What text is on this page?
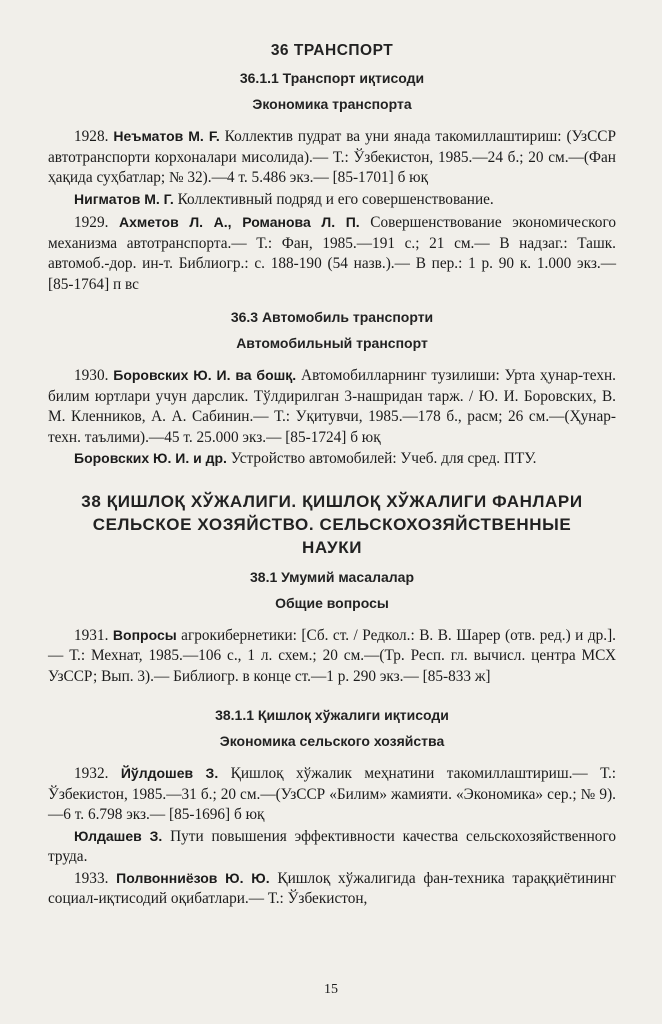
36 ТРАНСПОРТ
36.1.1 Транспорт иқтисоди
Экономика транспорта

1928. Неъматов М. F. Коллектив пудрат ва уни янада такомиллаштириш: (УзССР автотранспорти корхоналари мисолида).— Т.: Ўзбекистон, 1985.—24 б.; 20 см.—(Фан ҳақида суҳбатлар; № 32).—4 т. 5.486 экз.— [85-1701] б юқ

Нигматов М. Г. Коллективный подряд и его совершенствование.

1929. Ахметов Л. А., Романова Л. П. Совершенствование экономического механизма автотранспорта.— Т.: Фан, 1985.—191 с.; 21 см.— В надзаг.: Ташк. автомоб.-дор. ин-т. Библиогр.: с. 188-190 (54 назв.).— В пер.: 1 р. 90 к. 1.000 экз.— [85-1764] п вс

36.3 Автомобиль транспорти
Автомобильный транспорт

1930. Боровских Ю. И. ва бошқ. Автомобилларнинг тузилиши: Урта ҳунар-техн. билим юртлари учун дарслик. Тўлдирилган 3-нашридан тарж. / Ю. И. Боровских, В. М. Кленников, А. А. Сабинин.— Т.: Уқитувчи, 1985.—178 б., расм; 26 см.—(Ҳунар-техн. таълими).—45 т. 25.000 экз.— [85-1724] б юқ

Боровских Ю. И. и др. Устройство автомобилей: Учеб. для сред. ПТУ.

38 ҚИШЛОҚ ХЎЖАЛИГИ. ҚИШЛОҚ ХЎЖАЛИГИ ФАНЛАРИ
СЕЛЬСКОЕ ХОЗЯЙСТВО. СЕЛЬСКОХОЗЯЙСТВЕННЫЕ
НАУКИ
38.1 Умумий масалалар
Общие вопросы

1931. Вопросы агрокибернетики: [Сб. ст. / Редкол.: В. В. Шарер (отв. ред.) и др.].— Т.: Мехнат, 1985.—106 с., 1 л. схем.; 20 см.—(Тр. Респ. гл. вычисл. центра МСХ УзССР; Вып. 3).— Библиогр. в конце ст.—1 р. 290 экз.— [85-833 ж]

38.1.1 Қишлоқ хўжалиги иқтисоди
Экономика сельского хозяйства

1932. Йўлдошев З. Қишлоқ хўжалик меҳнатини такомиллаштириш.— Т.: Ўзбекистон, 1985.—31 б.; 20 см.—(УзССР «Билим» жамияти. «Экономика» сер.; № 9).—6 т. 6.798 экз.— [85-1696] б юқ

Юлдашев З. Пути повышения эффективности качества сельскохозяйственного труда.

1933. Полвонниёзов Ю. Ю. Қишлоқ хўжалигида фан-техника тараққиётининг социал-иқтисодий оқибатлари.— Т.: Ўзбекистон,

15
